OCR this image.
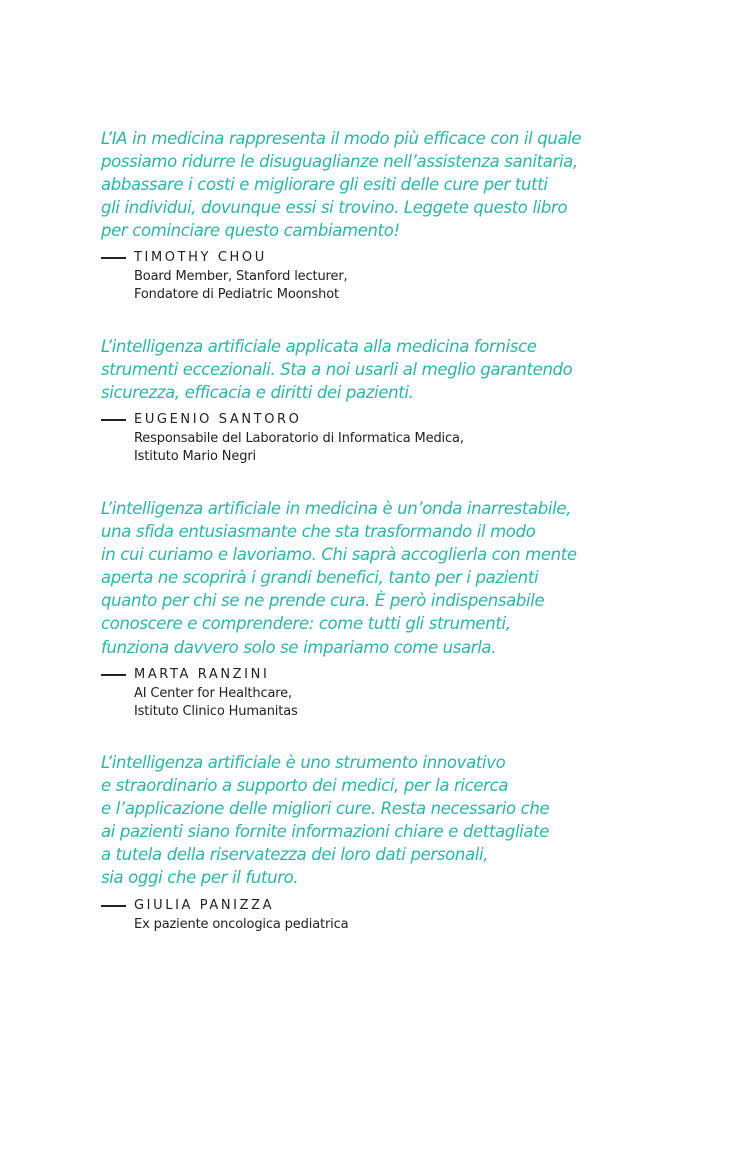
L’IA in medicina rappresenta il modo più efficace con il quale
possiamo ridurre le disuguaglianze nell’assistenza sanitaria,
abbassare i costi e migliorare gli esiti delle cure per tutti
gli individui, dovunque essi si trovino. Leggete questo libro
per cominciare questo cambiamento!
TIMOTHY CHOU
Board Member, Stanford lecturer,
Fondatore di Pediatric Moonshot
L’intelligenza artificiale applicata alla medicina fornisce
strumenti eccezionali. Sta a noi usarli al meglio garantendo
sicurezza, efficacia e diritti dei pazienti.
EUGENIO SANTORO
Responsabile del Laboratorio di Informatica Medica,
Istituto Mario Negri
L’intelligenza artificiale in medicina è un’onda inarrestabile,
una sfida entusiasmante che sta trasformando il modo
in cui curiamo e lavoriamo. Chi saprà accoglierla con mente
aperta ne scoprirà i grandi benefici, tanto per i pazienti
quanto per chi se ne prende cura. È però indispensabile
conoscere e comprendere: come tutti gli strumenti,
funziona davvero solo se impariamo come usarla.
MARTA RANZINI
AI Center for Healthcare,
Istituto Clinico Humanitas
L’intelligenza artificiale è uno strumento innovativo
e straordinario a supporto dei medici, per la ricerca
e l’applicazione delle migliori cure. Resta necessario che
ai pazienti siano fornite informazioni chiare e dettagliate
a tutela della riservatezza dei loro dati personali,
sia oggi che per il futuro.
GIULIA PANIZZA
Ex paziente oncologica pediatrica
